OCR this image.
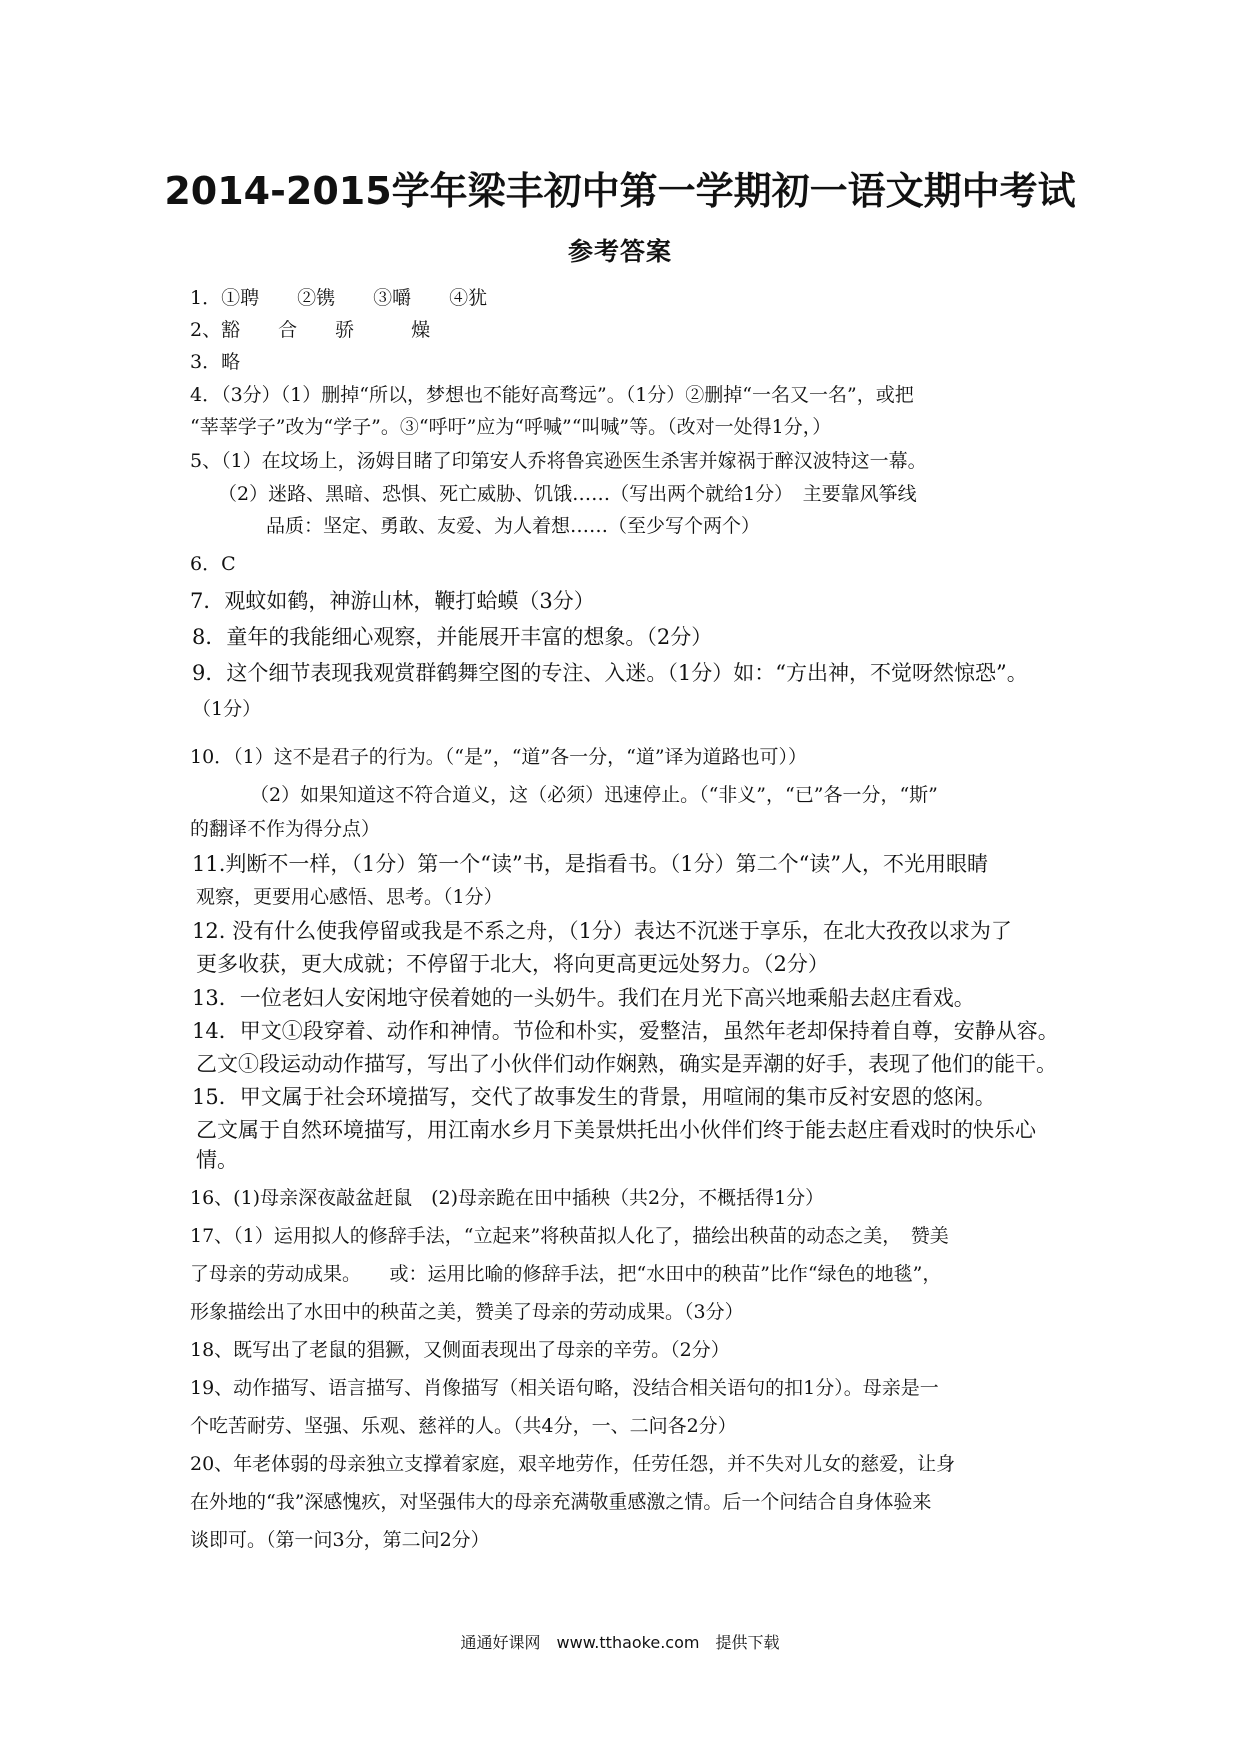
2014-2015学年梁丰初中第一学期初一语文期中考试
参考答案
1．①聘　　②镌　　③嚼　　④犹
2、豁　　合　　骄　　　燥
3．略
4．（3分）（1）删掉“所以，梦想也不能好高骛远”。（1分）②删掉“一名又一名”，或把
“莘莘学子”改为“学子”。③“呼吁”应为“呼喊”“叫喊”等。（改对一处得1分，）
5、（1）在坟场上，汤姆目睹了印第安人乔将鲁宾逊医生杀害并嫁祸于醉汉波特这一幕。
（2）迷路、黑暗、恐惧、死亡威胁、饥饿……（写出两个就给1分）　主要靠风筝线
品质：坚定、勇敢、友爱、为人着想……（至少写个两个）
6．C
7．观蚊如鹤，神游山林，鞭打蛤蟆（3分）
8．童年的我能细心观察，并能展开丰富的想象。（2分）
9．这个细节表现我观赏群鹤舞空图的专注、入迷。（1分）如：“方出神，不觉呀然惊恐”。
（1分）
10．（1）这不是君子的行为。（“是”，“道”各一分，“道”译为道路也可））
（2）如果知道这不符合道义，这（必须）迅速停止。（“非义”，“已”各一分，“斯”
的翻译不作为得分点）
11.判断不一样，（1分）第一个“读”书，是指看书。（1分）第二个“读”人，不光用眼睛
观察，更要用心感悟、思考。（1分）
12. 没有什么使我停留或我是不系之舟，（1分）表达不沉迷于享乐，在北大孜孜以求为了
更多收获，更大成就；不停留于北大，将向更高更远处努力。（2分）
13．一位老妇人安闲地守侯着她的一头奶牛。我们在月光下高兴地乘船去赵庄看戏。
14．甲文①段穿着、动作和神情。节俭和朴实，爱整洁，虽然年老却保持着自尊，安静从容。
乙文①段运动动作描写，写出了小伙伴们动作娴熟，确实是弄潮的好手，表现了他们的能干。
15．甲文属于社会环境描写，交代了故事发生的背景，用喧闹的集市反衬安恩的悠闲。
乙文属于自然环境描写，用江南水乡月下美景烘托出小伙伴们终于能去赵庄看戏时的快乐心
情。
16、(1)母亲深夜敲盆赶鼠　(2)母亲跪在田中插秧（共2分，不概括得1分）
17、（1）运用拟人的修辞手法，“立起来”将秧苗拟人化了，描绘出秧苗的动态之美，　赞美
了母亲的劳动成果。　　或：运用比喻的修辞手法，把“水田中的秧苗”比作“绿色的地毯”，
形象描绘出了水田中的秧苗之美，赞美了母亲的劳动成果。（3分）
18、既写出了老鼠的猖獗，又侧面表现出了母亲的辛劳。（2分）
19、动作描写、语言描写、肖像描写（相关语句略，没结合相关语句的扣1分）。母亲是一
个吃苦耐劳、坚强、乐观、慈祥的人。（共4分，一、二问各2分）
20、年老体弱的母亲独立支撑着家庭，艰辛地劳作，任劳任怨，并不失对儿女的慈爱，让身
在外地的“我”深感愧疚，对坚强伟大的母亲充满敬重感激之情。后一个问结合自身体验来
谈即可。（第一问3分，第二问2分）
通通好课网　www.tthaoke.com　提供下载
